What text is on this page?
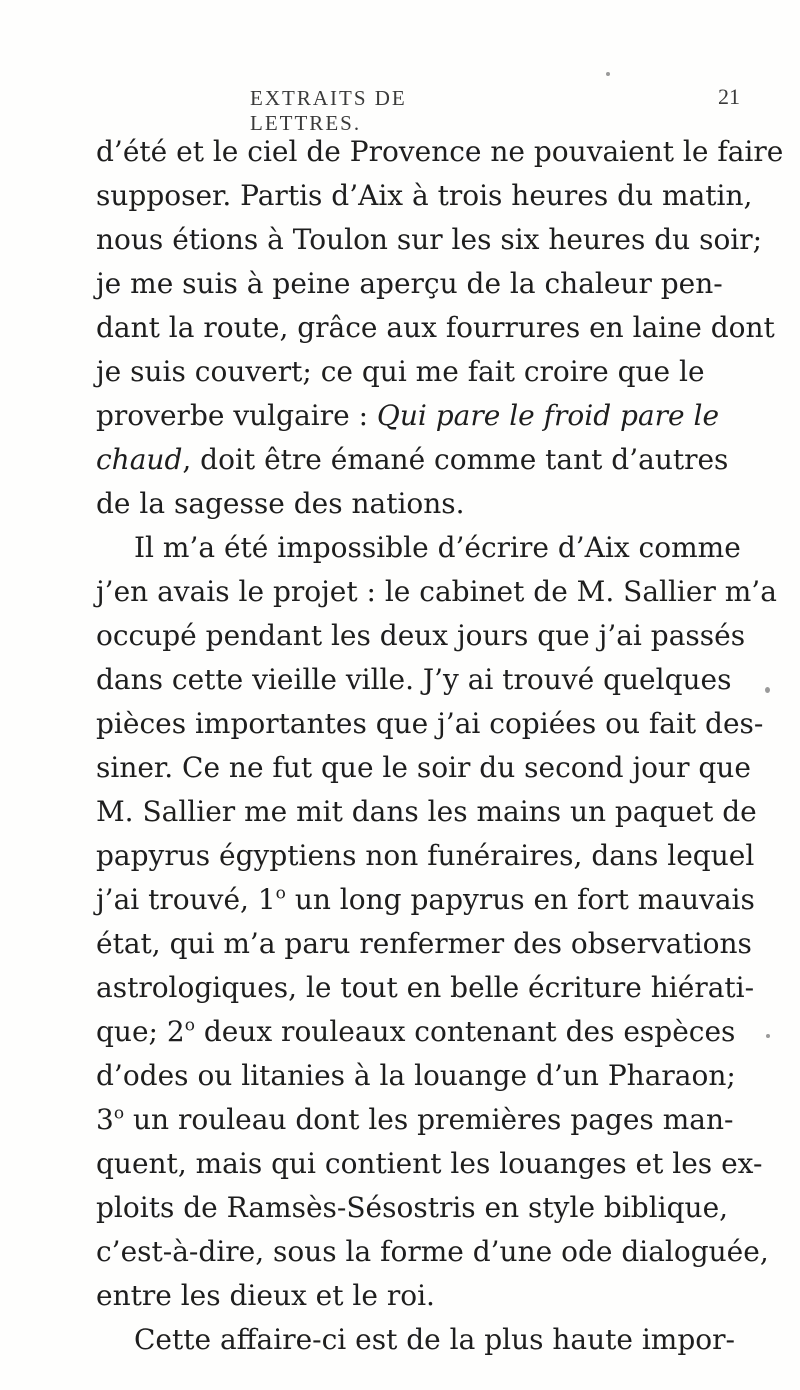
EXTRAITS DE LETTRES.
21
d’été et le ciel de Provence ne pouvaient le faire
supposer. Partis d’Aix à trois heures du matin,
nous étions à Toulon sur les six heures du soir;
je me suis à peine aperçu de la chaleur pen-
dant la route, grâce aux fourrures en laine dont
je suis couvert; ce qui me fait croire que le
proverbe vulgaire : Qui pare le froid pare le
chaud, doit être émané comme tant d’autres
de la sagesse des nations.
Il m’a été impossible d’écrire d’Aix comme
j’en avais le projet : le cabinet de M. Sallier m’a
occupé pendant les deux jours que j’ai passés
dans cette vieille ville. J’y ai trouvé quelques
pièces importantes que j’ai copiées ou fait des-
siner. Ce ne fut que le soir du second jour que
M. Sallier me mit dans les mains un paquet de
papyrus égyptiens non funéraires, dans lequel
j’ai trouvé, 1$^o$ un long papyrus en fort mauvais
état, qui m’a paru renfermer des observations
astrologiques, le tout en belle écriture hiérati-
que; 2$^o$ deux rouleaux contenant des espèces
d’odes ou litanies à la louange d’un Pharaon;
3$^o$ un rouleau dont les premières pages man-
quent, mais qui contient les louanges et les ex-
ploits de Ramsès-Sésostris en style biblique,
c’est-à-dire, sous la forme d’une ode dialoguée,
entre les dieux et le roi.
Cette affaire-ci est de la plus haute impor-
